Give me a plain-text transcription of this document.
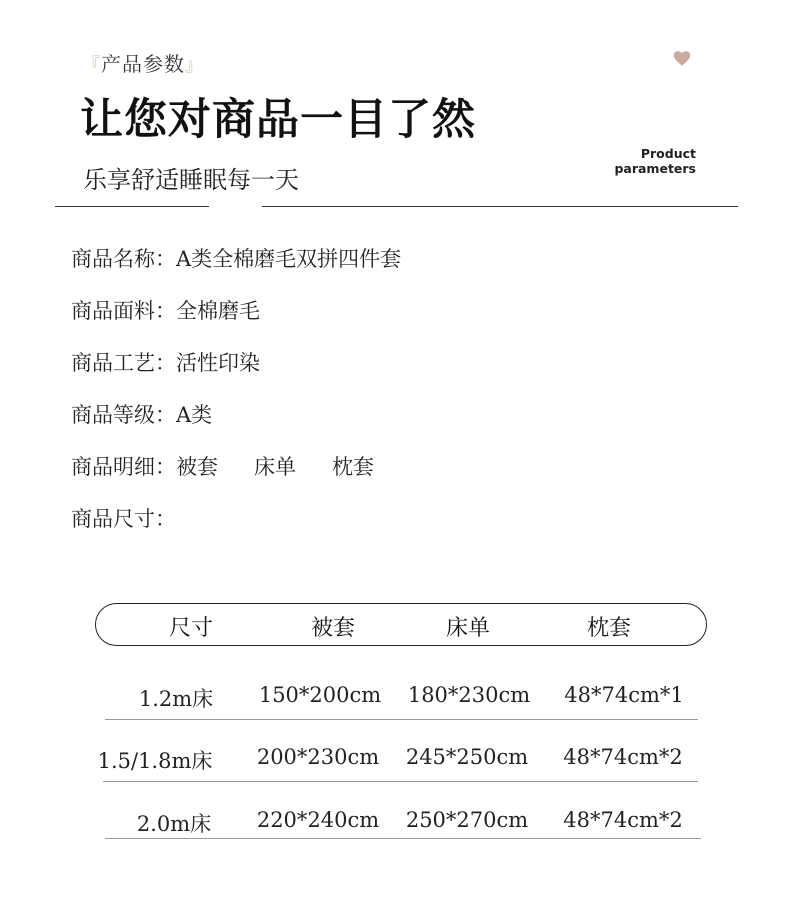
『产品参数』
让您对商品一目了然
乐享舒适睡眠每一天
Product
parameters
商品名称：A类全棉磨毛双拼四件套
商品面料：全棉磨毛
商品工艺：活性印染
商品等级：A类
商品明细：被套 床单 枕套
商品尺寸：
尺寸	被套	床单	枕套
1.2m床	150*200cm	180*230cm	48*74cm*1
1.5/1.8m床	200*230cm	245*250cm	48*74cm*2
2.0m床	220*240cm	250*270cm	48*74cm*2
